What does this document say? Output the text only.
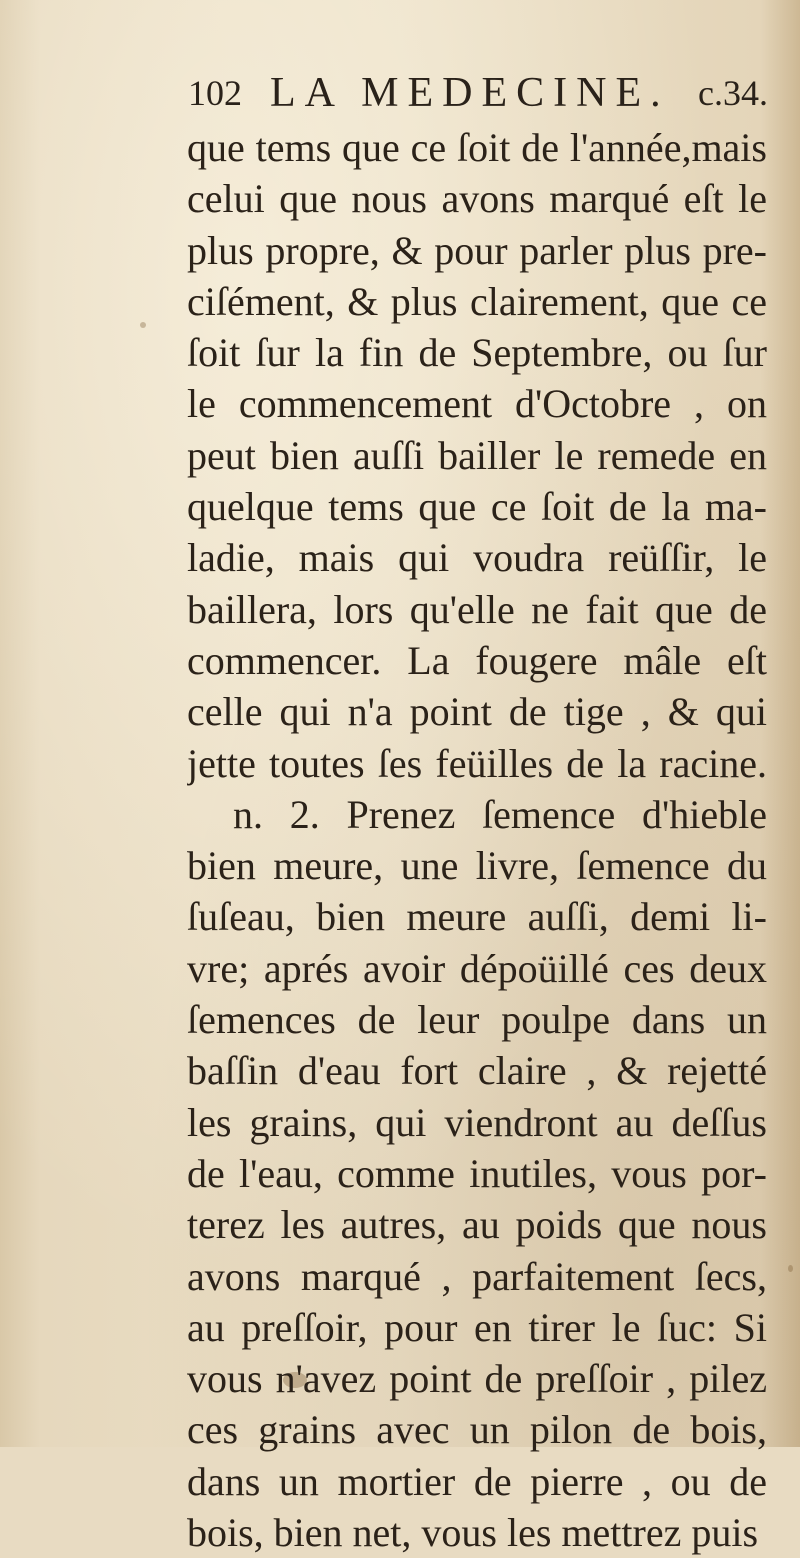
102 LA MEDECINE. c.34.
que tems que ce ſoit de l'année,mais
celui que nous avons marqué eſt le
plus propre, & pour parler plus pre-
ciſément, & plus clairement, que ce
ſoit ſur la fin de Septembre, ou ſur
le commencement d'Octobre , on
peut bien auſſi bailler le remede en
quelque tems que ce ſoit de la ma-
ladie, mais qui voudra reüſſir, le
baillera, lors qu'elle ne fait que de
commencer. La fougere mâle eſt
celle qui n'a point de tige , & qui
jette toutes ſes feüilles de la racine.
n. 2. Prenez ſemence d'hieble
bien meure, une livre, ſemence du
ſuſeau, bien meure auſſi, demi li-
vre; aprés avoir dépoüillé ces deux
ſemences de leur poulpe dans un
baſſin d'eau fort claire , & rejetté
les grains, qui viendront au deſſus
de l'eau, comme inutiles, vous por-
terez les autres, au poids que nous
avons marqué , parfaitement ſecs,
au preſſoir, pour en tirer le ſuc: Si
vous n'avez point de preſſoir , pilez
ces grains avec un pilon de bois,
dans un mortier de pierre , ou de
bois, bien net, vous les mettrez puis
